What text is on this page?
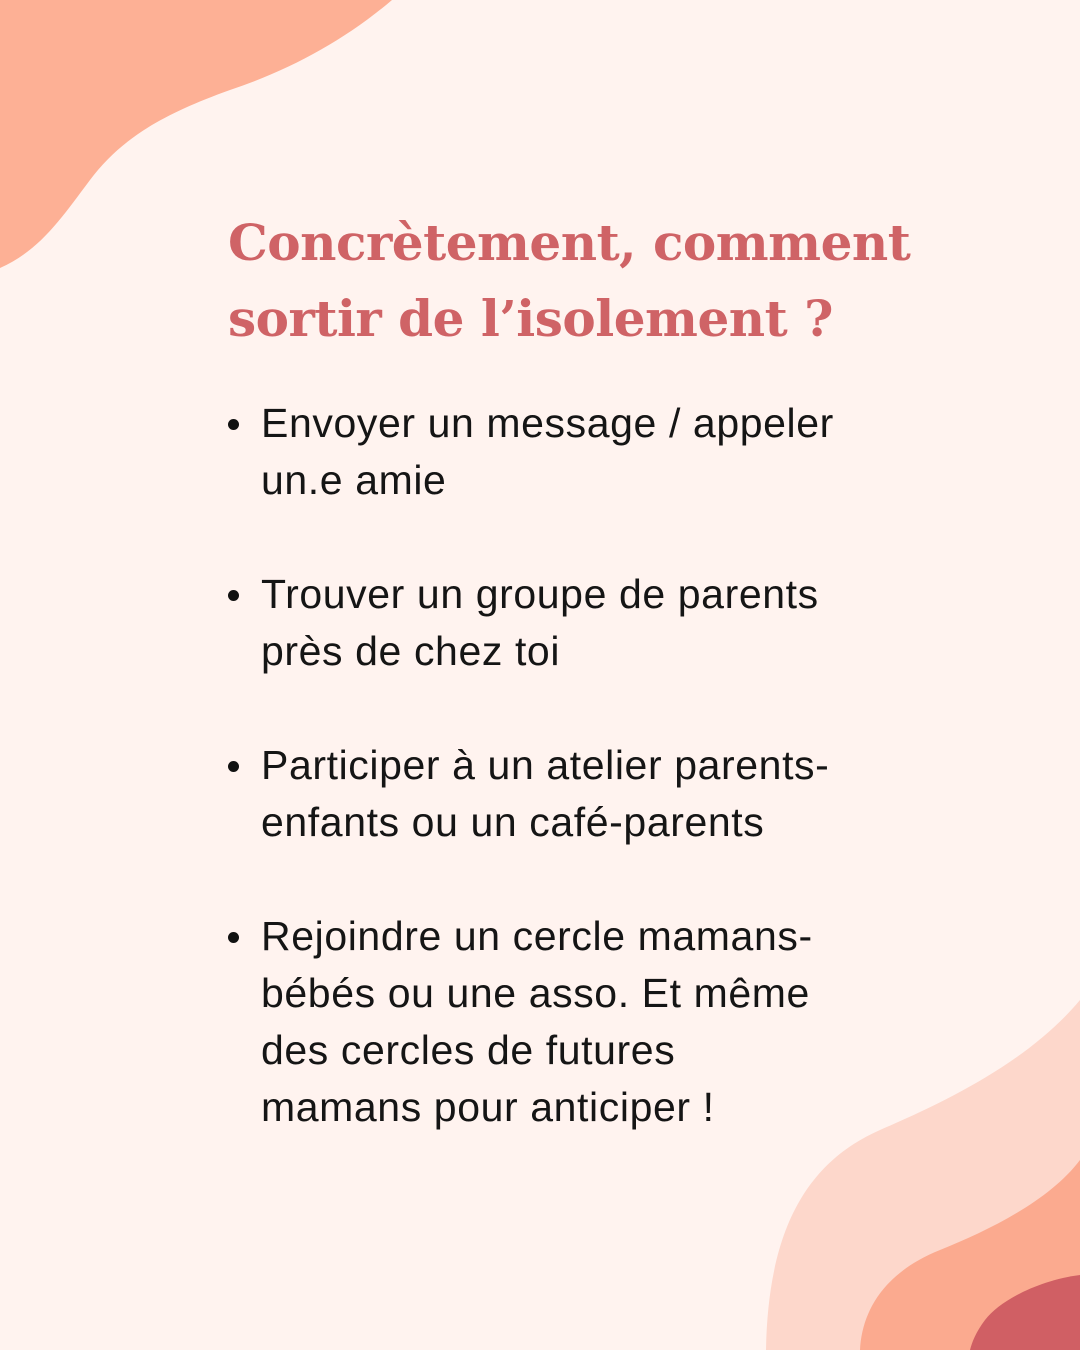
Concrètement, comment
sortir de l’isolement ?
Envoyer un message / appeler
un.e amie
Trouver un groupe de parents
près de chez toi
Participer à un atelier parents-
enfants ou un café-parents
Rejoindre un cercle mamans-
bébés ou une asso. Et même
des cercles de futures
mamans pour anticiper !
